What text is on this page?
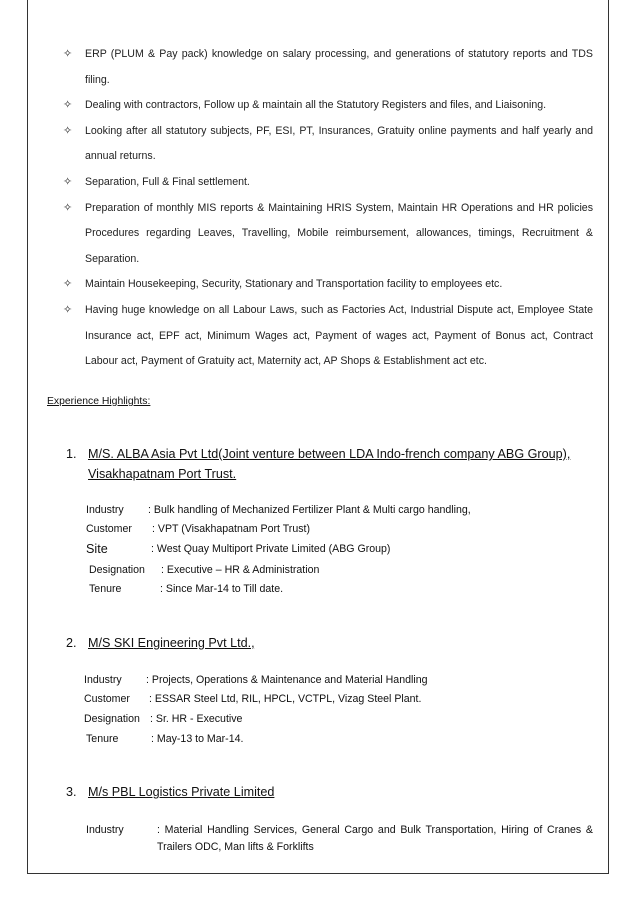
✧ ERP (PLUM & Pay pack) knowledge on salary processing, and generations of statutory reports and TDS filing.
✧ Dealing with contractors, Follow up & maintain all the Statutory Registers and files, and Liaisoning.
✧ Looking after all statutory subjects, PF, ESI, PT, Insurances, Gratuity online payments and half yearly and annual returns.
✧ Separation, Full & Final settlement.
✧ Preparation of monthly MIS reports & Maintaining HRIS System, Maintain HR Operations and HR policies Procedures regarding Leaves, Travelling, Mobile reimbursement, allowances, timings, Recruitment & Separation.
✧ Maintain Housekeeping, Security, Stationary and Transportation facility to employees etc.
✧ Having huge knowledge on all Labour Laws, such as Factories Act, Industrial Dispute act, Employee State Insurance act, EPF act, Minimum Wages act, Payment of wages act, Payment of Bonus act, Contract Labour act, Payment of Gratuity act, Maternity act, AP Shops & Establishment act etc.
Experience Highlights:
1. M/S. ALBA Asia Pvt Ltd(Joint venture between LDA Indo-french company ABG Group),
Visakhapatnam Port Trust.
Industry : Bulk handling of Mechanized Fertilizer Plant & Multi cargo handling,
Customer : VPT (Visakhapatnam Port Trust)
Site	: West Quay Multiport Private Limited (ABG Group)
Designation : Executive – HR & Administration
Tenure	: Since Mar-14 to Till date.
2. M/S SKI Engineering Pvt Ltd.,
Industry : Projects, Operations & Maintenance and Material Handling
Customer : ESSAR Steel Ltd, RIL, HPCL, VCTPL, Vizag Steel Plant.
Designation : Sr. HR - Executive
Tenure	: May-13 to Mar-14.
3. M/s PBL Logistics Private Limited
Industry	: Material Handling Services, General Cargo and Bulk Transportation, Hiring of Cranes & Trailers ODC, Man lifts & Forklifts
